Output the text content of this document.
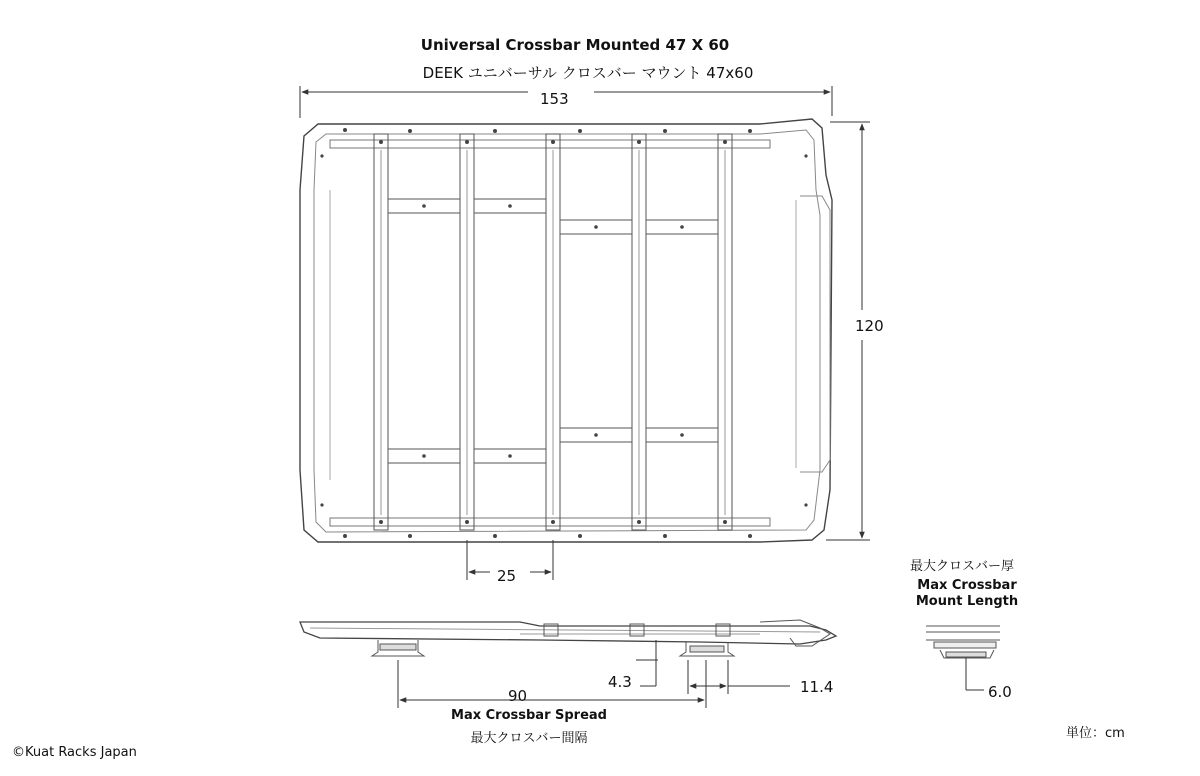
Universal Crossbar Mounted 47 X 60
DEEK ユニバーサル クロスバー マウント 47x60
153
120
25
90
4.3	11.4	6.0
Max Crossbar Spread
最大クロスバー間隔
最大クロスバー厚
Max Crossbar
Mount Length
単位：cm
©Kuat Racks Japan
